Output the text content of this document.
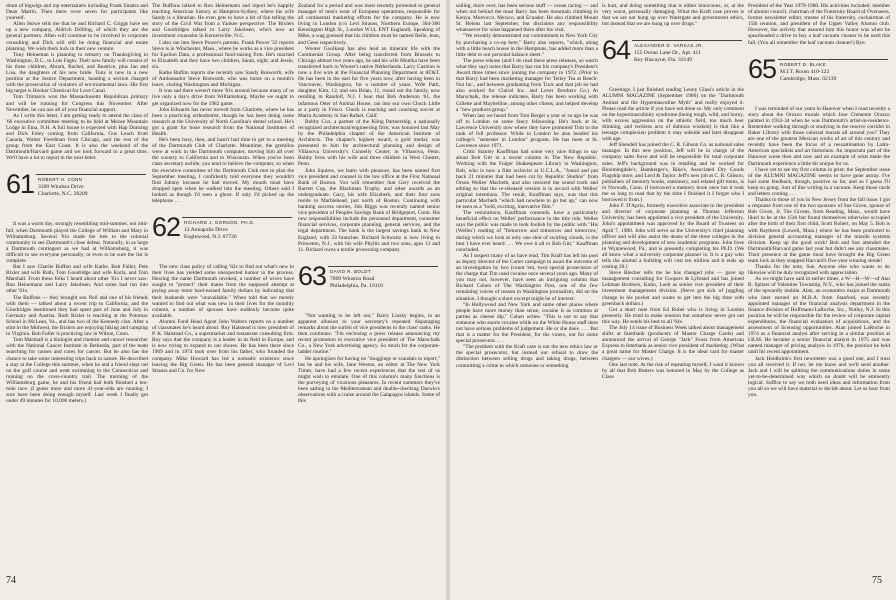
drum of bigwigs and top entertainers including Frank Sinatra and Dean Martin. Then there were seven for participants like yourself.

Allen Stowe tells me that he and Richard C. Griggs have set up a new company, Aldrich Drilling, of which they are the general partners. Allen will continue to be involved in corporate consulting and Dick will still be doing financial and estate planning. We wish them luck in their new venture.

Tony Heineman is planning to remarry on Thanksgiving in Washington, D.C., to Lois Fagin. Their new family will consist of his three children, Abram, Rachel, and Beatrice, plus Jan and Lisa, the daughters of his new bride. Tony is now in a new position at the Justice Department, heading a section charged with the prosecution of violators of environmental laws. His first big target is Hooker Chemical for Love Canal.

Tom Trimarco won the Massachusetts Republican primary and will be running for Congress this November. After November, he can use all of your financial support.

As I write this letter, I am getting ready to attend the class of '66 executive committee meeting to be held at Moose Mountain Lodge in Etna, N.H. A full house is expected with Hap Dunning and Dick Foley coming from California, Gus Leach from Canada, Walter Freedman from Chicago, and the rest of the group from the East Coast. It is also the weekend of the Dartmouth/Harvard game and we look forward to a great time. We'll have a lot to report in the next letter.

61 ROBERT H. CONN
3300 Windsor Drive
Charlotte, N.C. 28209

It was a warm day, strongly resembling mid-summer, not mid-fall, when Dartmouth played the College of William and Mary in Williamsburg. Several '61s made the trek to the colonial community to see Dartmouth's close defeat. Naturally, in as large a Dartmouth contingent as we had at Williamsburg, it was difficult to see everyone personally, or even to be sure the list is complete.

But I saw Charlie Buffon and wife Kathe, Bob Fuller, Pete Bixler and wife Ruth, Tom Goodridge and wife Karla, and Tom Marshall. From these folks I heard about other '61s I never saw: Ron Heinemann and Larry Jakobsen. And some had run into other '61s.

The Buffons — they brought son Neil and one of his friends with them — talked about a recent trip to California, and the Goodridges mentioned they had spent part of June and July in Germany and Austria. Ruth Bixler is teaching at the Potomac School in McLean, Va., and has two of the Kennedy clan. After a stint in the Midwest, the Bixlers are enjoying hiking and camping in Virginia. Bob Fuller is practicing law in Wilton, Conn.

Tom Marshall is a biologist and chemist and cancer researcher with the National Cancer Institute in Bethesda, part of the team searching for causes and cures for cancer. But he also has the chance to take some interesting trips back to nature. He described a stay at the College this summer, when he and a friend slept out on the golf course and went swimming in the Connecticut and running on the cross-country trail. The morning of the Williamsburg game, he and his friend had both finished a ten-mile race. (I guess more and more 41-year-olds are running; I sure have been doing enough myself. Last week I finally got under 49 minutes for 10,000 meters.)

The Buffons talked to Ron Heinemann and report he's happily teaching American history at Hampton-Sydney, where his wife Sandy is a librarian. He even gets to have a bit of fun telling the story of the Civil War from a Yankee perspective. The Bixlers and Goodridges talked to Larry Jakobsen, who's now an investment counselor in Kernersville, N.C.

I also ran into Steve Power's parents. Frank Power '32 reports Steve is in Winchester, Mass., where he works as a vice president for Epsilon Data, a professional fund-raising firm. He's married to Elizabeth and they have two children, Sarah, eight, and Jessie, six.

Kathe Buffon reports she recently saw Sandy Bosworth, wife of Ambassador Steve Bosworth, who was home on a month's leave, visiting Washington and Michigan.

It was sad there weren't more '61s around because many of us live only a day's drive from Williamsburg. Maybe we ought to get organized now for the 1982 game.

John Edwards has never moved from Charlotte, where he has been a practicing orthodontist, though he has been doing some research at the University of North Carolina's dental school. He's got a grant for bone research from the National Institutes of Health.

He's been busy, then, and hasn't had time to get to a meeting of the Dartmouth Club of Charlotte. Meantime, the gremlins were at work in the Dartmouth computer, moving him all over the country to California and to Wisconsin. When you've been class secretary awhile, you tend to believe the computer, so when the executive committee of the Dartmouth Club met to plan the September meeting, I confidently told everyone they wouldn't find Johnny because he had moved. My mouth must have dropped open when he walked into the meeting. Others said I looked as though I'd seen a ghost. If only I'd picked up the telephone . . .

62 RICHARD J. GORDON, PH.D.
12 Annapolis Drive
Englewood, N.J. 07726

The new class policy of calling '62s to find out what's new in their lives has yielded some unexpected humor in the process. Hearing the name Dartmouth invoked, a number of wives have sought to "protect" their mates from the supposed attempt at prying away more hard-earned family dollars by indicating that their husbands were "unavailable." When told that we merely wanted to find out what was new in their lives for the monthly column, a number of spouses have suddenly become quite available.

Alumni Fund Head Agent John Walters reports on a number of classmates he's heard about: Roy Halstead is now president of P. K. Halstead Co., a supermarket and restaurant consulting firm. Roy says that the company is a leader in its field in Europe, and is now trying to expand to our shores. He has been there since 1969 and in 1974 took over from his father, who founded the company. Mike Howard has led a nomadic existence since leaving the Big Green. He has been general manager of Levi Strauss and Co. for New

Zealand for a period and was most recently promoted to general manager of men's wear of European operations, responsible for all continental marketing efforts for the company. He is now living in London (c/o Levi Strauss, Northern Europe, 364-366 Kensington High St., London W14, ENT England). Speaking of Mike, a wag guessed that his children must be named Belle, Jean, and Gene respectively.

Wooter Goolkasp has also lead an itinerant life with the Continental Group. After being transferred from Brussels to Chicago almost two years ago, he and his wife Monika have been transferred back to Wooter's native Netherlands. Larry Cushion is now a live wire at the Financial Planning Department at AT&T. He has been in the east for five years now, after having been in Vancouver, Washington, for a number of years. Wife Patti, daughter Kim, 12, and son Brian, 11, round out the family, now residing in Randolf, N.J. I hear that Bob Anderson '61, the infamous Otter of Animal House, ran into our own Chuck Little at a party in Frisco. Chuck is teaching and coaching soccer at Marin Academy in San Rafael, Calif.

Bobby Cox, a partner of the Kling Partnership, a nationally recognized architectural/engineering firm, was honored last May by the Philadelphia chapter of the American Institute of Architects. The chapter's highest award, a gold medal, was presented to him for architectural planning and design of Villanova University's Connelly Center, in Villanova, Penn. Bobby lives with his wife and three children in West Chester, Penn.

John Squires, we learn with pleasure, has been named first vice president and counsel in the law office at the First National Bank of Boston. You will remember that Gary received the Barrett Cup, the Blackman Trophy, and other awards as an undergraduate. Gary, his wife Elizabeth, and their four sons reside in Marblehead, just north of Boston. Continuing with banking success stories, Jim Biggs was recently named senior vice president of Peoples Savings Bank of Bridgeport, Conn. His new responsibilities include the personnel department, consumer financial services, corporate planning, general services, and the legal department. The bank is the largest savings bank in New England, with 33 branches. Richard Schwartz is now living in Princeton, N.J., with his wife Phyllis and two sons, ages 13 and 11. Richard owns a textile processing company.

63 DAVID R. BOLDT
7809 Winston Road
Philadelphia, Pa. 19118

"Not wanting to be left out," Barry Linsky begins, in an apparent allusion to your secretary's repeated disparaging remarks about the surfeit of vice presidents in the class' ranks. He then continues: "I'm enclosing a press release announcing my recent promotion to executive vice president of The Marschalk Co., a New York advertising agency. So much for the corporate-ladder routine."

He apologizes for having no "muggings or scandals to report," but he and his wife, Jane Weston, an editor at The New York Times, have had a few recent experiences that the rest of us might wish to emulate. One of this column's many functions is the purveying of vicarious pleasures. In recent summers they've been sailing in the Mediterranean and double-checking Darwin's observations with a cruise around the Galapagos islands. Some of this

sailing, more over, has been serious stuff — ocean racing — and when not behind the mast Barry has been mountain climbing in Kenya, Morrocco, Mexico, and Ecuador. He also climbed Mount St. Helens last September, but disclaims any responsibility whatsoever for what happened there after his visit.

"We recently demonstrated our commitment to New York City by purchasing a co-op here," Barry also reports, "which, along with a little beach house in the Hamptons, has added more than a little debt to our personal balance sheet."

The press release (and I do read these press releases, so watch what they say) notes that Barry has run his company's President's Award three times since joining the company in 1972. (Prior to that Barry had been marketing manager for Tetley Tea at Beech-Nut Inc., and between graduating from Tuck and that job he had also worked for Clairol Inc. and Lever Brothers Co.) At Marschalk, the release indicates, Barry has been working with Gillette and Maybelline, among other clients, and helped develop a "new products group."

When last we heard from Tom Berger a year or so ago he was off to London on some fancy fellowship. He's back at St. Lawrence University now where they have promoted Tom to the rank of full professor. While in London he also headed his college's "semester in London" program. He has been at St. Lawrence since 1971.

Critic Stanley Kauffman had some very nice things to say about Bob Gitt in a recent column in The New Republic. Working with the Folger Shakespeare Library in Washington, Bob, who is now a film archivist at U.C.L.A., "found and put back 21 minutes that had been cut by Republic Studios" from Orson Welles' Macbeth, and also restored the sound track and editing so that the re-released version is in accord with Welles' original intentions. The result, Kauffman says, was that this particular Macbeth "which had nowhere to go but up," can now be seen as a "bold, exciting, innovative film."

The restorations, Kauffman contends, have a particularly beneficial effect on Welles' performance in the title role. Welles says the public was made to look foolish by the public with "His (Welles') reading of 'Tomorrow and tomorrow and tomorrow,' during which we look at only one shot of swirling clouds, is the best I have ever heard . . . We owe it all to Bob Gitt," Kauffman concluded.

As I suspect many of us have read, Tim Kraft has left his post as deputy director of the Carter campaign to await the outcome of an investigation by two (count 'em, two) special prosecutors of the charge that Tim used cocaine once several years ago. Many of you may not, however, have seen an intriguing column that Richard Cohen of The Washington Post, one of the few remaining voices of reason in Washington journalism, did on the situation. I thought a short excerpt might be of interest:

"In Hollywood and New York and some other places where people have more money than sense, cocaine is as common at parties as cheese dip," Cohen writes. "This is not to say that someone who snorts cocaine while on the White House staff does not have serious problems of judgement. He or she does. . . . But that is a matter for the President, for the voters, not for some special prosecutor. . . .

"The problem with the Kraft case is not the new ethics law or the special prosecutor, but instead our refusal to draw the distinction between selling drugs and taking drugs, between committing a crime in which someone or something

is hurt, and doing something that is either innocuous, or, at the very worst, personally damaging. What the Kraft case proves is that we are not hung up over Watergate and government ethics, but instead that we are hung up over drugs."

64 ALEXANDER D. VARKAS JR.
155 Ocean Lane Dr., Apt. 411
Key Biscayne, Fla. 33149

Greetings. I just finished reading Lenny Glass's article in the ALUMNI MAGAZINE (September 1980) on the "Dartmouth Animal and the Hypermasculine Myth" and really enjoyed it. Please read the article if you have not done so. My only comment on the hypermasculinity syndrome (being tough, wild, and horny, with excess aggression on the athletic field, too much beer drinking, and reckless acts of dubious wisdom) is that like a teenage complexion problem it may subside and later disappear with age.

Jeff Shendell has joined the C. R. Gibson Co. as national sales manager. In this new position, Jeff will be in charge of the company sales force and will be responsible for total corporate sales. Jeff's background was in retailing and he worked for Bloomingdale's, Bamberger's, Rike's, Associated Dry Goods Flagship store, and Lord & Taylor. Jeff's new job at C. R. Gibson, publishers of memory books, stationery, and related gift items, is in Norwalk, Conn. (I borrowed a memory book once but it took me so long to read that by the time I finished it I forgot who I borrowed it from.)

John F. D'Aprix, formerly executive associate to the president and director of corporate planning at Thomas Jefferson University, has been appointed a vice president of the University. John's appointment was approved by the Board of Trustees on April 7, 1980. John will serve as the University's chief planning officer and will also assist the deans of the three colleges in the planning and development of new academic programs. John lives in Wynnewood, Pa., and is presently completing his Ph.D. (We all know what a university corporate planner is: It is a guy who tells the alumni a building will cost ten million and it ends up costing 20.)

Steve Blecher tells me he has changed jobs — gave up management consulting for Coopers & Lybrand and has joined Lehman Brothers, Kuhn, Loeb as senior vice president of their investment management division. (Steve got sick of juggling change in his pocket and wants to get into the big time with greenback dollars.)

Got a short note from Ed Rubel who is living in London presently. He tried to make reunion but somehow never got out this way. He sends his best to all '64s.

The July 14 issue of Business Week talked about management shifts at Interbank (producers of Master Charge Cards) and announced the arrival of George "Jack" Feuss from American Express to Interbank as senior vice president of marketing. (What a great name for Master Charge. It is the ideal card for master chargers — our wives.)

One last note. At the risk of repeating myself, I want it known by all that Bob Butters was honored in May by the College as Class

President of the Year 1979-1980. His activities included: member of alumni council, chairman of the Fraternity Board of Overseers, former newsletter editor, trustee of his fraternity, cochairman of 15th reunion, and president of the Upper Valley Alumni club. However, the activity that assured him this honor was when he spearheaded a drive to buy a leaf vacuum cleaner to be used this fall. (You all remember the leaf vacuum cleaner!) Bye.

65 ROBERT D. BLAKE
M.I.T. Room 410-122
Cambridge, Mass. 02139

I was reminded of our years in Hanover when I read recently a story about the Orozco murals which Jose Clemente Orozco painted in 1932-34 when he was Dartmouth's artist-in-residence. Remember walking through or studying in the reserve corridor in Baker Library with those colossal murals all around you? They are one of the greatest Mexican works of art of this century and recently have been the focus of a reexamination by Latin-American specialists and art historians. An important part of the Hanover scene then and now and an example of what made the Dartmouth experience a little bit unique for us.

I have yet to see my first column in print; the September issue of the ALUMNI MAGAZINE seems to have gone astray. I've had some feedback, though, positive so far, and so I guess I'll keep on going. Sort of like writing in a vacuum. Keep those cards and letters coming . . .

Thanks to those of you in New Jersey from the fall issue: I got a response from one of the two sponsors of Sue Given, spouse of Bob Given, Jr. The Givens, from Reading, Mass., would have liked to be at the 15th but found themselves otherwise occupied after the birth of their first child, Scott Robert, on May 5. Bob is with Raytheon (Lowell, Mass.) where he has been promoted to division general accounting manager of the missile systems division. Keep up the good work! Bob and Sue attended the Dartmouth/Harvard game last year but didn't see any classmates. Their presence at the game must have brought the Big Green team luck as they snapped Harvard's five-year winning streak!

Thanks for the note, Sue. Anyone else who wants to do likewise will be duly recognized with appreciation.

As we might have said in earlier times, a W—H—W—of Ann B. Spitzer of Valentine Township, N.Y., who has joined the ranks of the upwardly mobile. Alan, an economics major at Dartmouth who later earned an M.B.A. from Stanford, was recently appointed manager of the financial analysis department in the finance division of Hoffmann-LaRoche, Inc., Nutley, N.J. In this position he will be responsible for the review of corporate capital expenditures, the financial evaluation of acquisitions, and the assessment of licensing opportunities. Alan joined LaRoche in 1974 as a financial analyst after serving in a similar position at I.B.M. He became a senior financial analyst in 1975 and was named manager of pricing analysis in 1976, the position he held until his recent appointment.

Jack Heidbrink's first newsletter was a good one, and I trust you all received it. If not, let me know and we'll send another. Jack and I will be splitting the communications duties in some yet-to-be-determined way which no doubt will be eminently logical. Suffice to say we both need ideas and information from you all so we will have material to decide about. Let us hear from you.

74	75
